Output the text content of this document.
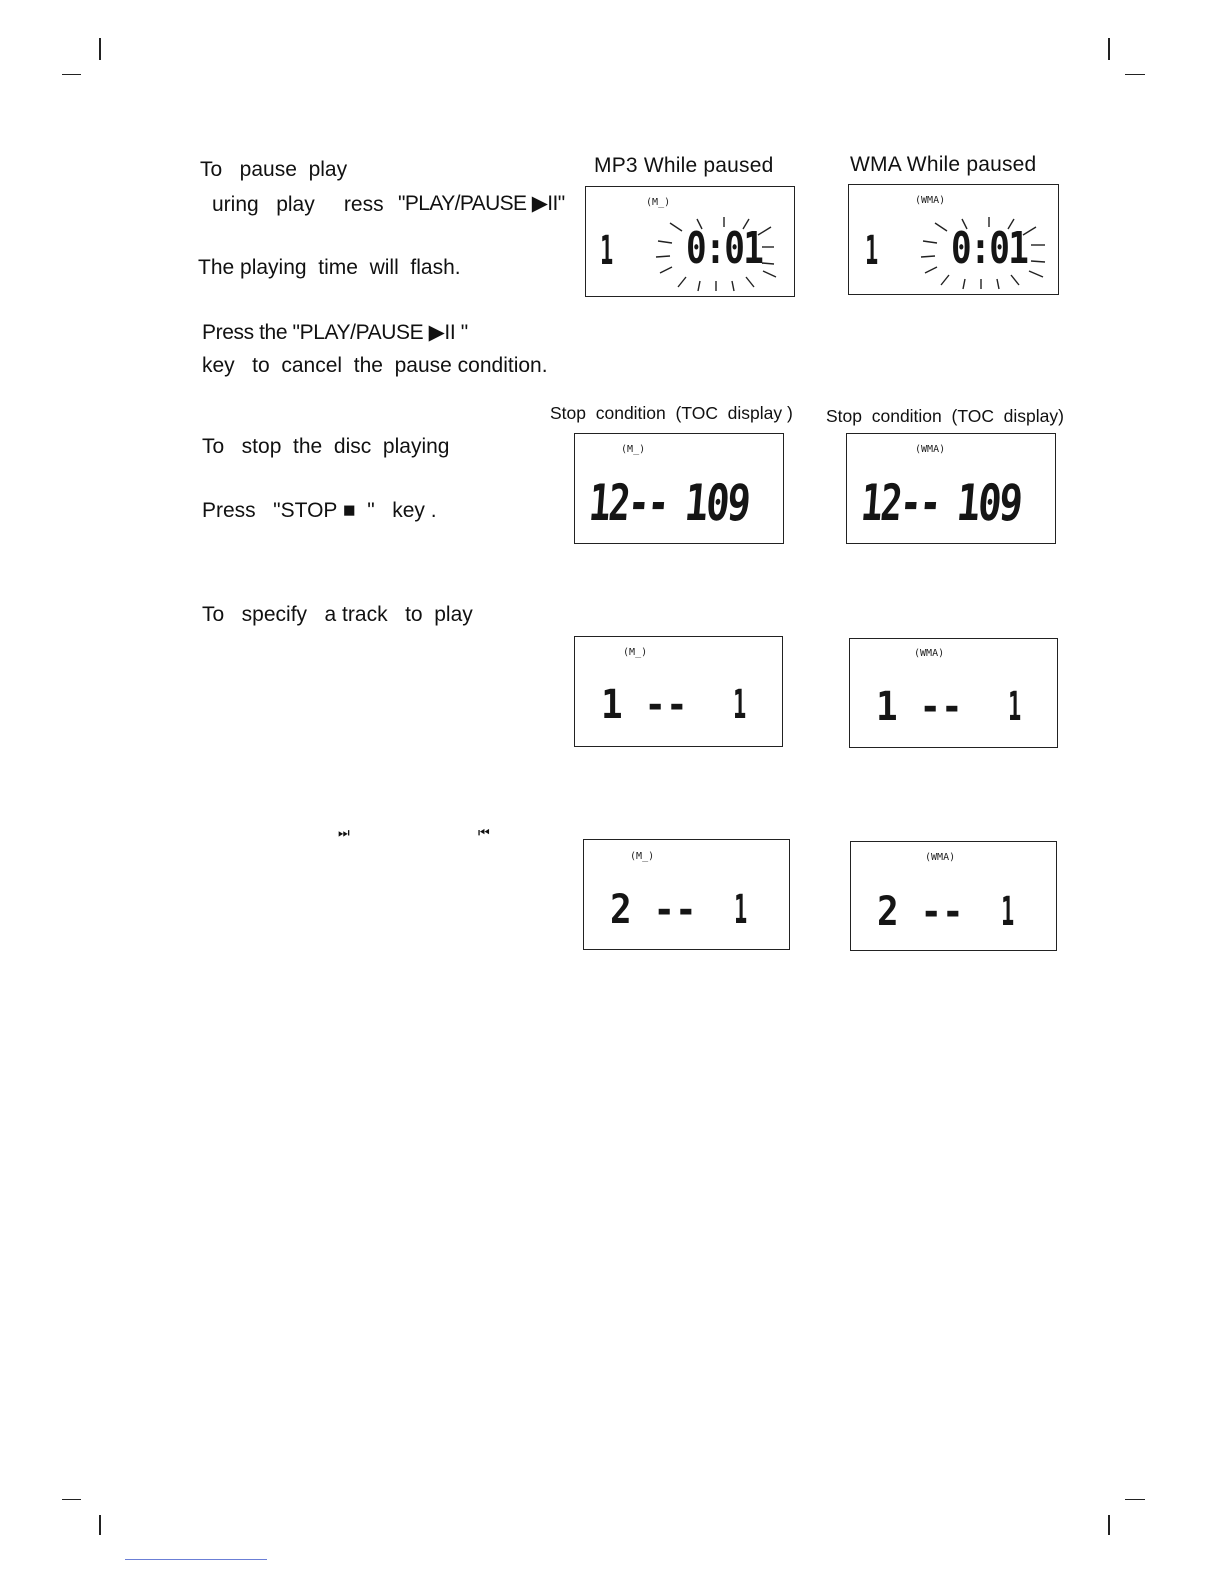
To   pause  play
uring   play     ress "PLAY/PAUSE ▶II"
The playing  time  will  flash.
Press the "PLAY/PAUSE ▶II "
key   to  cancel  the  pause condition.
To   stop  the  disc  playing
Press   "STOP ■  "   key .
To   specify   a track   to  play
⏭	⏮
MP3 While paused	WMA While paused
Stop  condition  (TOC  display ) Stop  condition  (TOC  display)
(M_)
1 0:01
(WMA)
1 0:01
(M_)
12-- 109
(WMA)
12-- 109
(M_)
1 -- 1
(WMA)
1 -- 1
(M_)
2 -- 1
(WMA)
2 -- 1
